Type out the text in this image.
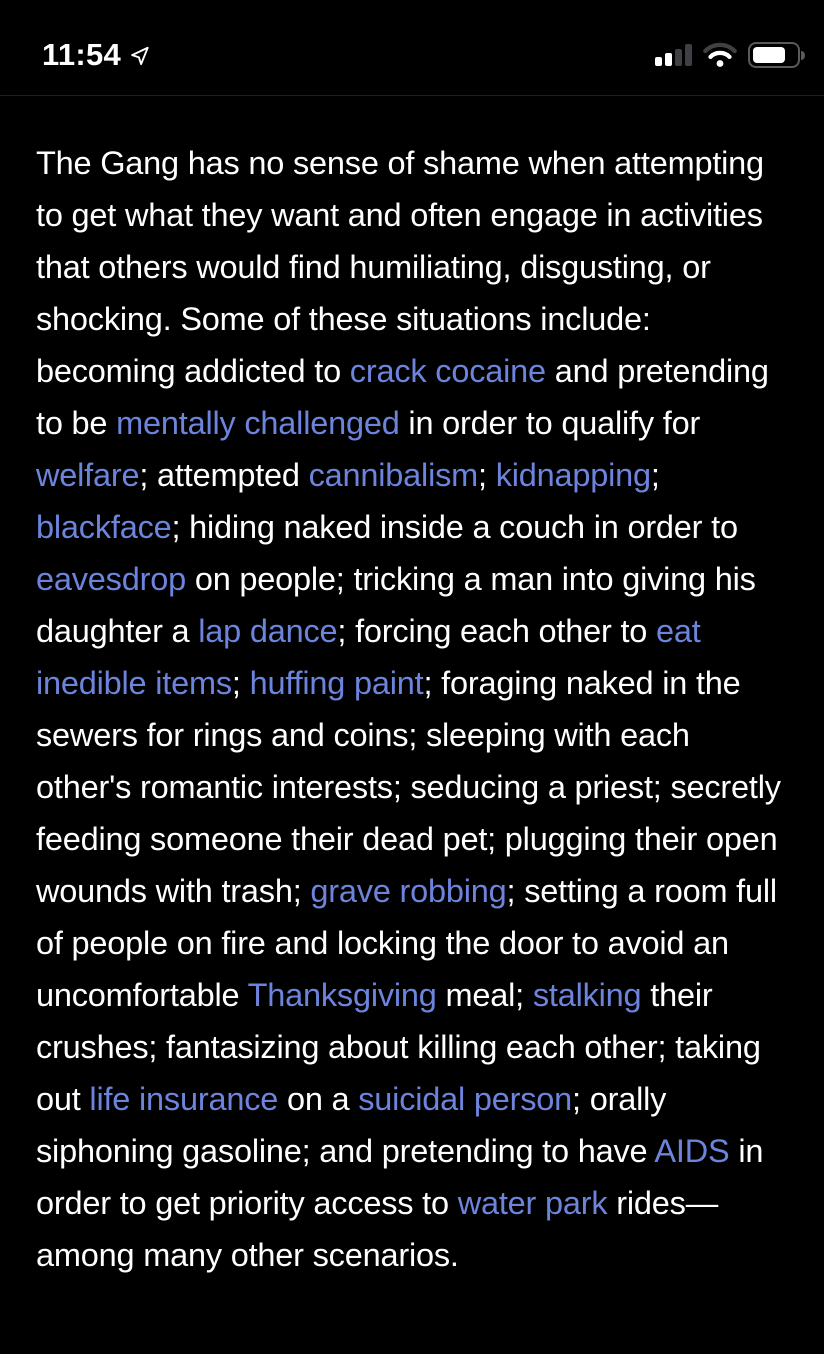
11:54

The Gang has no sense of shame when attempting to get what they want and often engage in activities that others would find humiliating, disgusting, or shocking. Some of these situations include: becoming addicted to crack cocaine and pretending to be mentally challenged in order to qualify for welfare; attempted cannibalism; kidnapping; blackface; hiding naked inside a couch in order to eavesdrop on people; tricking a man into giving his daughter a lap dance; forcing each other to eat inedible items; huffing paint; foraging naked in the sewers for rings and coins; sleeping with each other's romantic interests; seducing a priest; secretly feeding someone their dead pet; plugging their open wounds with trash; grave robbing; setting a room full of people on fire and locking the door to avoid an uncomfortable Thanksgiving meal; stalking their crushes; fantasizing about killing each other; taking out life insurance on a suicidal person; orally siphoning gasoline; and pretending to have AIDS in order to get priority access to water park rides—among many other scenarios.
